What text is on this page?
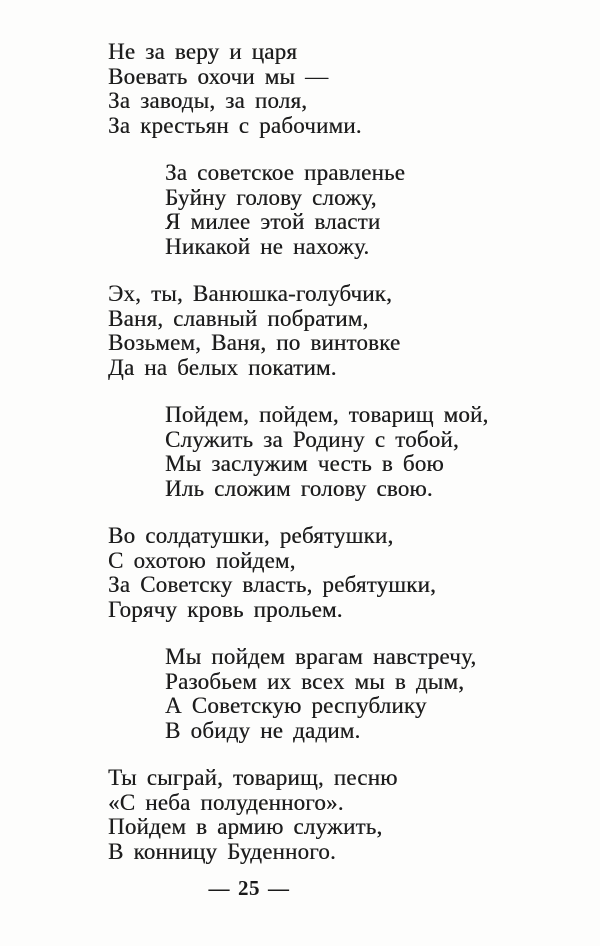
Не за веру и царя
Воевать охочи мы —
За заводы, за поля,
За крестьян с рабочими.
За советское правленье
Буйну голову сложу,
Я милее этой власти
Никакой не нахожу.
Эх, ты, Ванюшка-голубчик,
Ваня, славный побратим,
Возьмем, Ваня, по винтовке
Да на белых покатим.
Пойдем, пойдем, товарищ мой,
Служить за Родину с тобой,
Мы заслужим честь в бою
Иль сложим голову свою.
Во солдатушки, ребятушки,
С охотою пойдем,
За Советску власть, ребятушки,
Горячу кровь прольем.
Мы пойдем врагам навстречу,
Разобьем их всех мы в дым,
А Советскую республику
В обиду не дадим.
Ты сыграй, товарищ, песню
«С неба полуденного».
Пойдем в армию служить,
В конницу Буденного.
— 25 —
